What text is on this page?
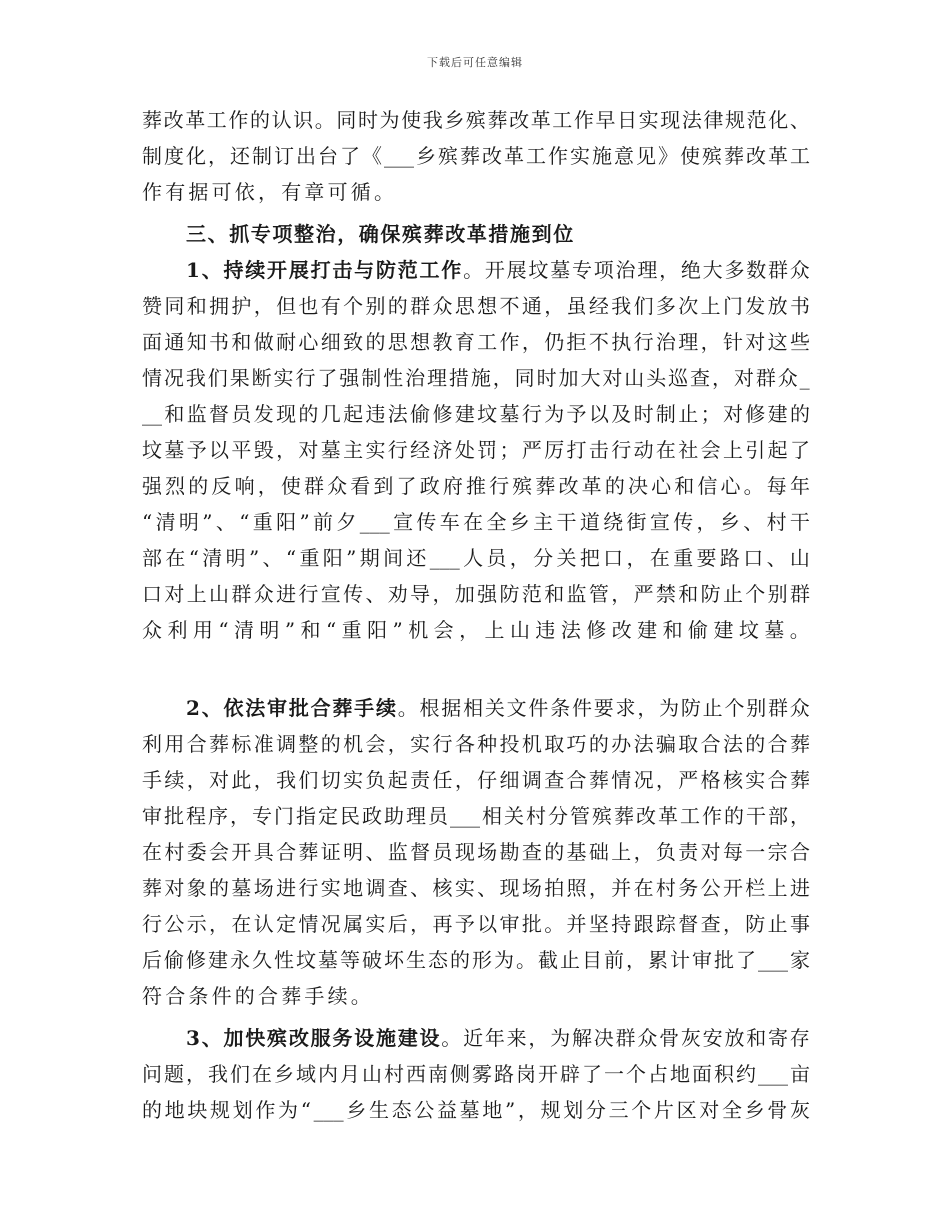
下载后可任意编辑
葬 改 革 工 作 的 认 识 。 同 时 为 使 我 乡 殡 葬 改 革 工 作 早 日 实 现 法 律 规 范 化 、
制 度 化 ， 还 制 订 出 台 了 《 ___ 乡 殡 葬 改 革 工 作 实 施 意 见 》 使 殡 葬 改 革 工
作有据可依，有章可循。
三、抓专项整治，确保殡葬改革措施到位
1 、 持 续 开 展 打 击 与 防 范 工 作 。 开 展 坟 墓 专 项 治 理 ， 绝 大 多 数 群 众
赞 同 和 拥 护 ， 但 也 有 个 别 的 群 众 思 想 不 通 ， 虽 经 我 们 多 次 上 门 发 放 书
面 通 知 书 和 做 耐 心 细 致 的 思 想 教 育 工 作 ， 仍 拒 不 执 行 治 理 ， 针 对 这 些
情 况 我 们 果 断 实 行 了 强 制 性 治 理 措 施 ， 同 时 加 大 对 山 头 巡 查 ， 对 群 众 _
__ 和 监 督 员 发 现 的 几 起 违 法 偷 修 建 坟 墓 行 为 予 以 及 时 制 止 ； 对 修 建 的
坟 墓 予 以 平 毁 ， 对 墓 主 实 行 经 济 处 罚 ； 严 厉 打 击 行 动 在 社 会 上 引 起 了
强 烈 的 反 响 ， 使 群 众 看 到 了 政 府 推 行 殡 葬 改 革 的 决 心 和 信 心 。 每 年
“ 清 明 ” 、 “ 重 阳 ” 前 夕 ___ 宣 传 车 在 全 乡 主 干 道 绕 街 宣 传 ， 乡 、 村 干
部 在 “ 清 明 ” 、 “ 重 阳 ” 期 间 还 ___ 人 员 ， 分 关 把 口 ， 在 重 要 路 口 、 山
口 对 上 山 群 众 进 行 宣 传 、 劝 导 ， 加 强 防 范 和 监 管 ， 严 禁 和 防 止 个 别 群
众 利 用 “ 清 明 ” 和 “ 重 阳 ” 机 会 ， 上 山 违 法 修 改 建 和 偷 建 坟 墓 。
2 、 依 法 审 批 合 葬 手 续 。 根 据 相 关 文 件 条 件 要 求 ， 为 防 止 个 别 群 众
利 用 合 葬 标 准 调 整 的 机 会 ， 实 行 各 种 投 机 取 巧 的 办 法 骗 取 合 法 的 合 葬
手 续 ， 对 此 ， 我 们 切 实 负 起 责 任 ， 仔 细 调 查 合 葬 情 况 ， 严 格 核 实 合 葬
审 批 程 序 ， 专 门 指 定 民 政 助 理 员 ___ 相 关 村 分 管 殡 葬 改 革 工 作 的 干 部 ，
在 村 委 会 开 具 合 葬 证 明 、 监 督 员 现 场 勘 查 的 基 础 上 ， 负 责 对 每 一 宗 合
葬 对 象 的 墓 场 进 行 实 地 调 查 、 核 实 、 现 场 拍 照 ， 并 在 村 务 公 开 栏 上 进
行 公 示 ， 在 认 定 情 况 属 实 后 ， 再 予 以 审 批 。 并 坚 持 跟 踪 督 查 ， 防 止 事
后 偷 修 建 永 久 性 坟 墓 等 破 坏 生 态 的 形 为 。 截 止 目 前 ， 累 计 审 批 了 ___ 家
符合条件的合葬手续。
3 、 加 快 殡 改 服 务 设 施 建 设 。 近 年 来 ， 为 解 决 群 众 骨 灰 安 放 和 寄 存
问 题 ， 我 们 在 乡 域 内 月 山 村 西 南 侧 雾 路 岗 开 辟 了 一 个 占 地 面 积 约 ___ 亩
的 地 块 规 划 作 为 “ ___ 乡 生 态 公 益 墓 地 ” ， 规 划 分 三 个 片 区 对 全 乡 骨 灰
